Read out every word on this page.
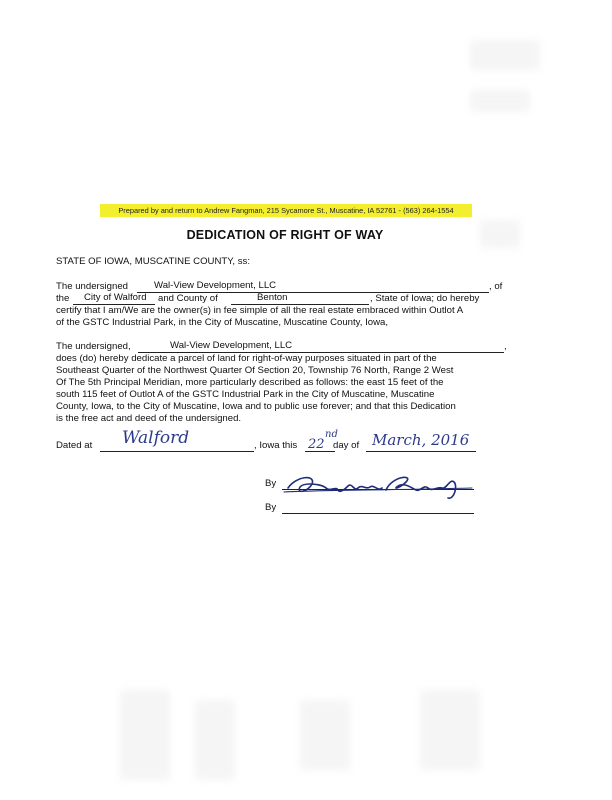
Prepared by and return to Andrew Fangman, 215 Sycamore St., Muscatine, IA 52761 - (563) 264-1554
DEDICATION OF RIGHT OF WAY
STATE OF IOWA, MUSCATINE COUNTY, ss:
The undersigned	Wal-View Development, LLC	, of
the City of Walford and County of	Benton	, State of Iowa; do hereby
certify that I am/We are the owner(s) in fee simple of all the real estate embraced within Outlot A
of the GSTC Industrial Park, in the City of Muscatine, Muscatine County, Iowa,
The undersigned,	Wal-View Development, LLC	,
does (do) hereby dedicate a parcel of land for right-of-way purposes situated in part of the
Southeast Quarter of the Northwest Quarter Of Section 20, Township 76 North, Range 2 West
Of The 5th Principal Meridian, more particularly described as follows: the east 15 feet of the
south 115 feet of Outlot A of the GSTC Industrial Park in the City of Muscatine, Muscatine
County, Iowa, to the City of Muscatine, Iowa and to public use forever; and that this Dedication
is the free act and deed of the undersigned.
Dated at Walford	, Iowa this 22
nd
day of March, 2016
By
By
